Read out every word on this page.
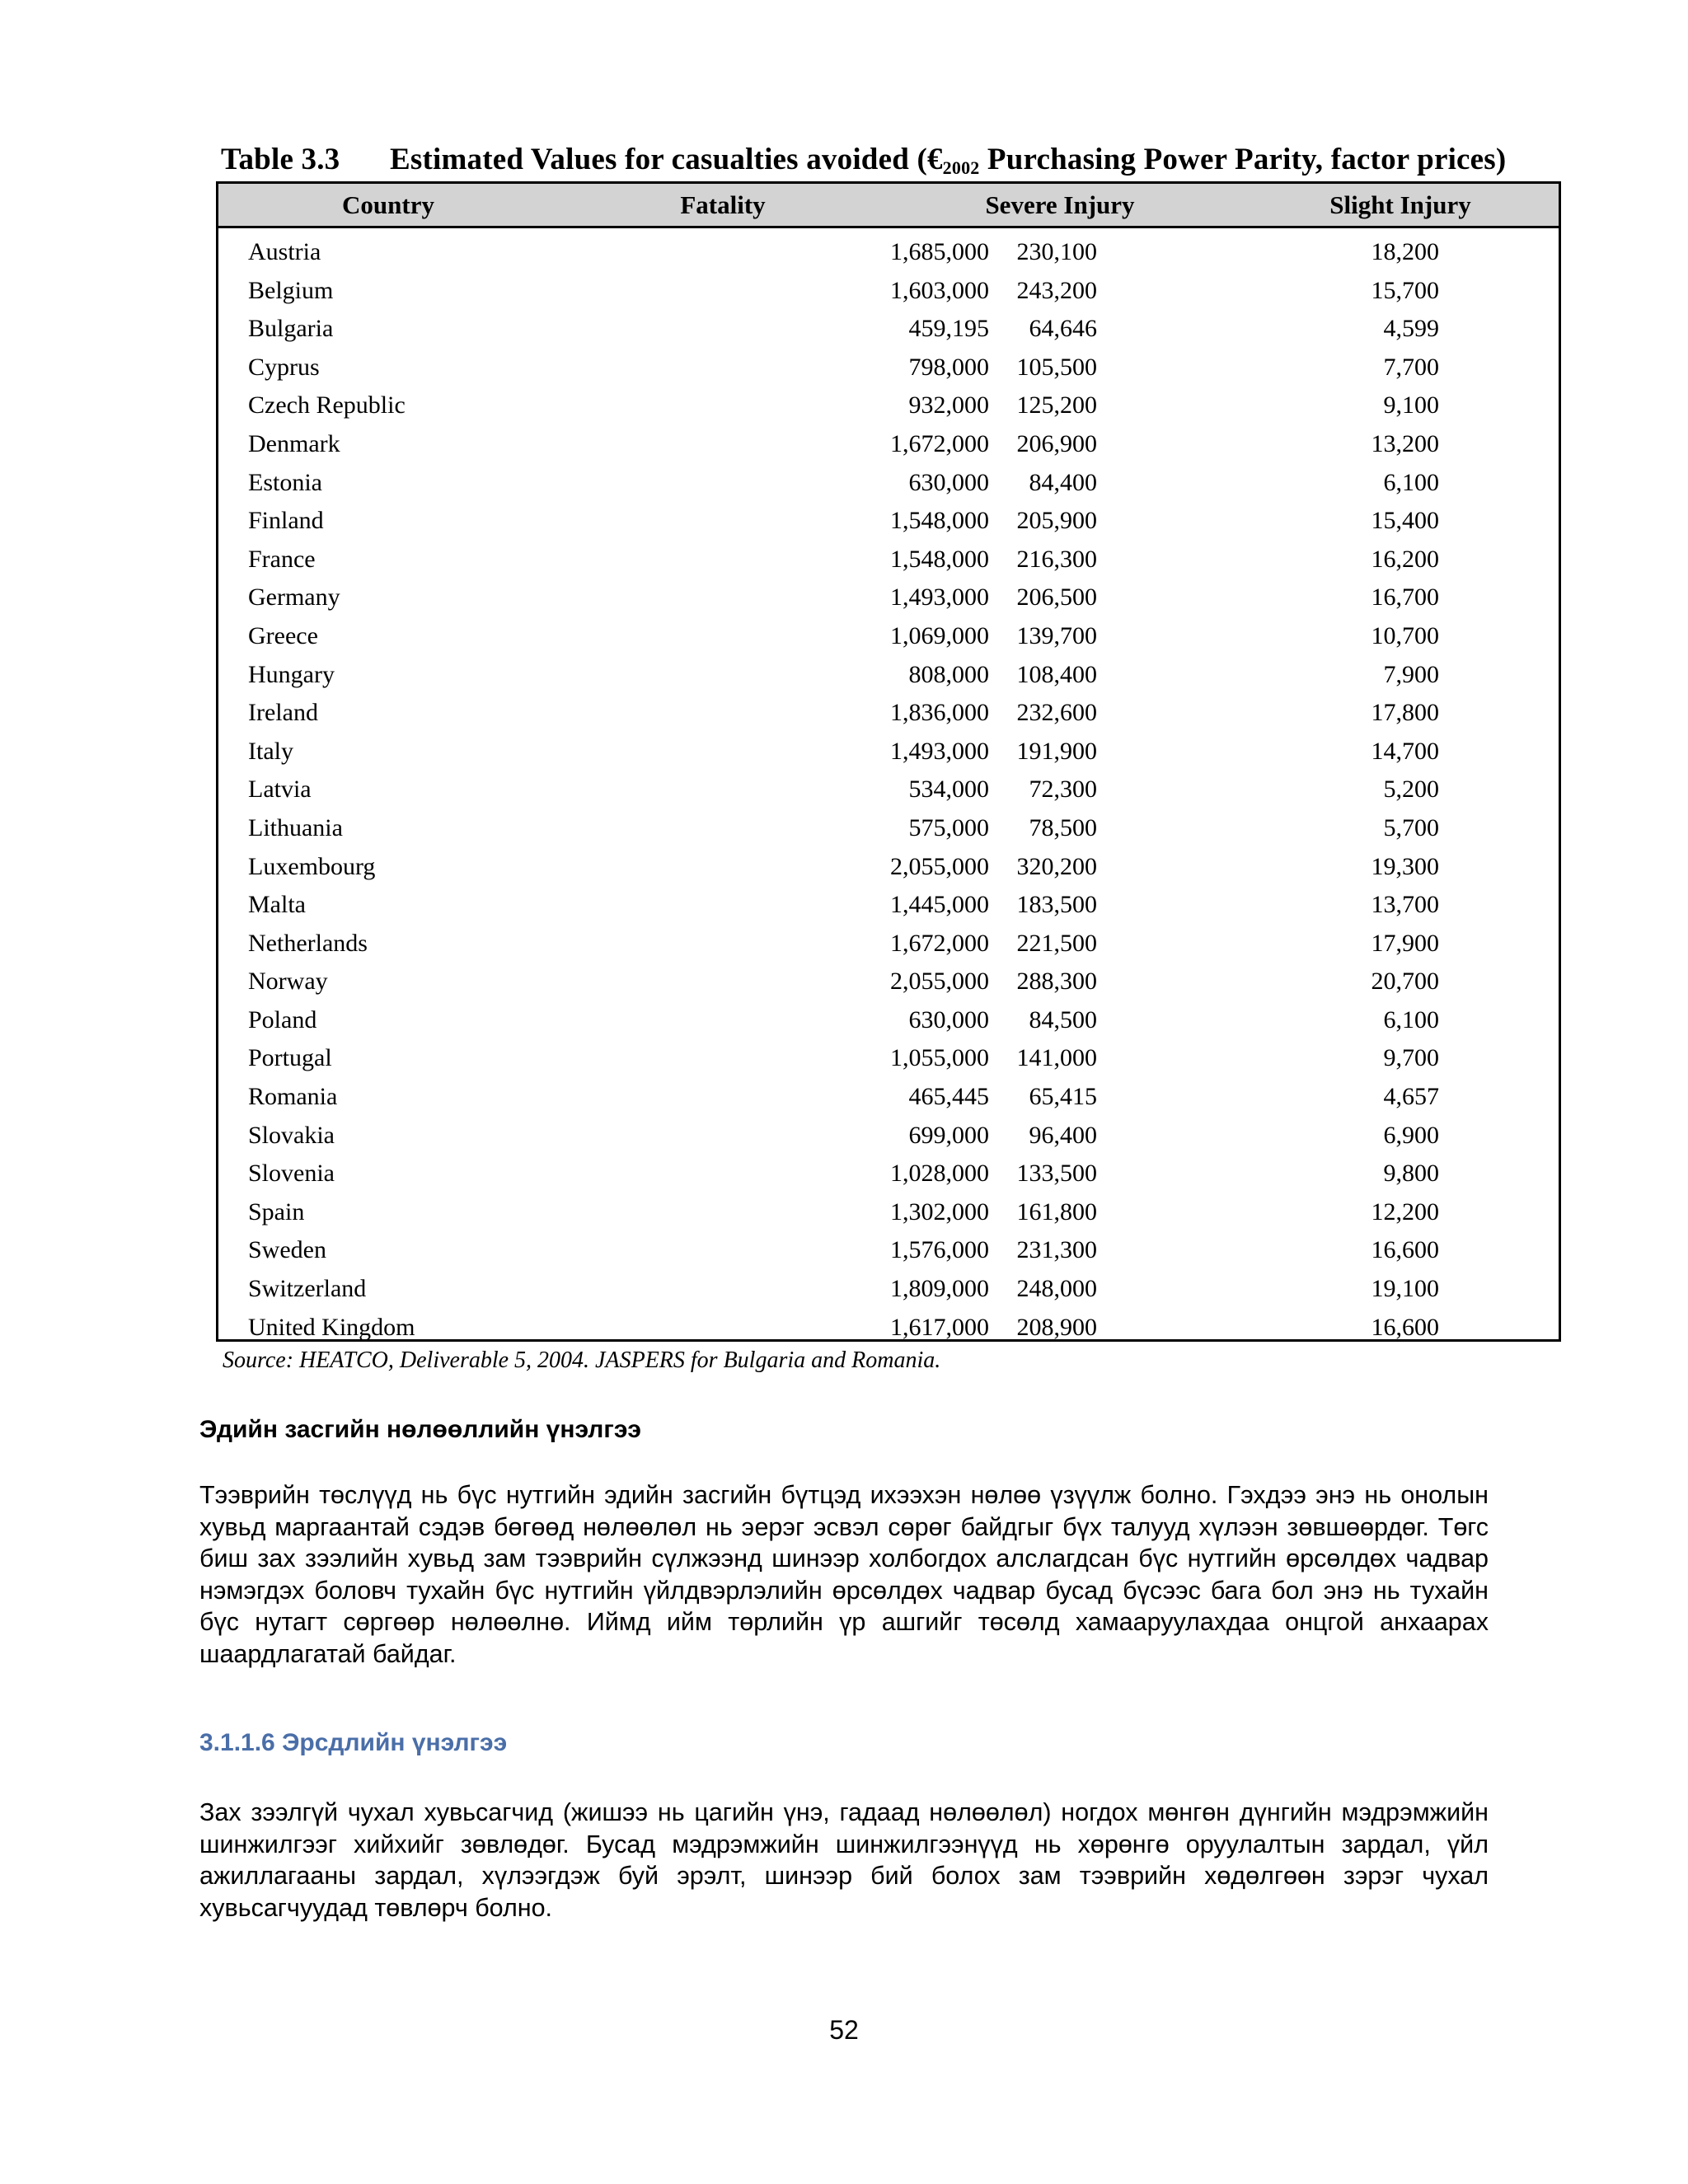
Table 3.3 Estimated Values for casualties avoided ($€_{2002}$ Purchasing Power Parity, factor prices)
Country	Fatality	Severe Injury	Slight Injury
Austria	1,685,000 230,100	18,200
Belgium	1,603,000 243,200	15,700
Bulgaria	459,195 64,646	4,599
Cyprus	798,000 105,500	7,700
Czech Republic	932,000 125,200	9,100
Denmark	1,672,000 206,900	13,200
Estonia	630,000 84,400	6,100
Finland	1,548,000 205,900	15,400
France	1,548,000 216,300	16,200
Germany	1,493,000 206,500	16,700
Greece	1,069,000 139,700	10,700
Hungary	808,000 108,400	7,900
Ireland	1,836,000 232,600	17,800
Italy	1,493,000 191,900	14,700
Latvia	534,000 72,300	5,200
Lithuania	575,000 78,500	5,700
Luxembourg	2,055,000 320,200	19,300
Malta	1,445,000 183,500	13,700
Netherlands	1,672,000 221,500	17,900
Norway	2,055,000 288,300	20,700
Poland	630,000 84,500	6,100
Portugal	1,055,000 141,000	9,700
Romania	465,445 65,415	4,657
Slovakia	699,000 96,400	6,900
Slovenia	1,028,000 133,500	9,800
Spain	1,302,000 161,800	12,200
Sweden	1,576,000 231,300	16,600
Switzerland	1,809,000 248,000	19,100
United Kingdom	1,617,000 208,900	16,600
Source: HEATCO, Deliverable 5, 2004. JASPERS for Bulgaria and Romania.
Эдийн засгийн нөлөөллийн үнэлгээ
Тээврийн төслүүд нь бүс нутгийн эдийн засгийн бүтцэд ихээхэн нөлөө үзүүлж болно. Гэхдээ энэ нь онолын хувьд маргаантай сэдэв бөгөөд нөлөөлөл нь эерэг эсвэл сөрөг байдгыг бүх талууд хүлээн зөвшөөрдөг. Төгс биш зах зээлийн хувьд зам тээврийн сүлжээнд шинээр холбогдох алслагдсан бүс нутгийн өрсөлдөх чадвар нэмэгдэх боловч тухайн бүс нутгийн үйлдвэрлэлийн өрсөлдөх чадвар бусад бүсээс бага бол энэ нь тухайн бүс нутагт сөргөөр нөлөөлнө. Иймд ийм төрлийн үр ашгийг төсөлд хамааруулахдаа онцгой анхаарах шаардлагатай байдаг.
3.1.1.6 Эрсдлийн үнэлгээ
Зах зээлгүй чухал хувьсагчид (жишээ нь цагийн үнэ, гадаад нөлөөлөл) ногдох мөнгөн дүнгийн мэдрэмжийн шинжилгээг хийхийг зөвлөдөг. Бусад мэдрэмжийн шинжилгээнүүд нь хөрөнгө оруулалтын зардал, үйл ажиллагааны зардал, хүлээгдэж буй эрэлт, шинээр бий болох зам тээврийн хөдөлгөөн зэрэг чухал хувьсагчуудад төвлөрч болно.
52
